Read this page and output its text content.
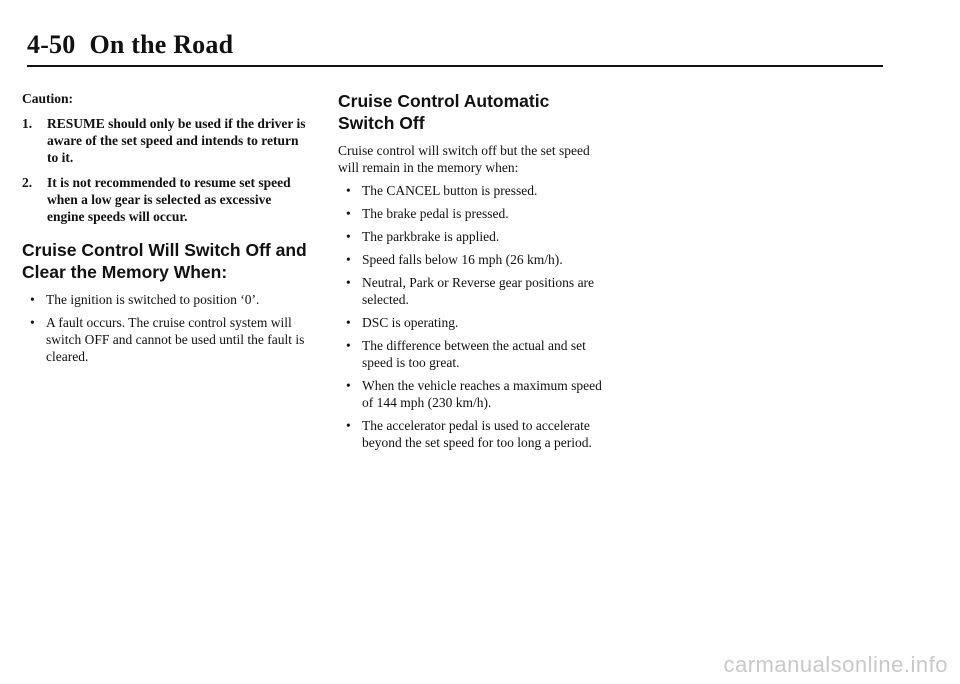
4-50 On the Road
Caution:
1. RESUME should only be used if the driver is aware of the set speed and intends to return to it.
2. It is not recommended to resume set speed when a low gear is selected as excessive engine speeds will occur.
Cruise Control Will Switch Off and Clear the Memory When:
• The ignition is switched to position ‘0’.
• A fault occurs. The cruise control system will switch OFF and cannot be used until the fault is cleared.
Cruise Control Automatic Switch Off
Cruise control will switch off but the set speed will remain in the memory when:
• The CANCEL button is pressed.
• The brake pedal is pressed.
• The parkbrake is applied.
• Speed falls below 16 mph (26 km/h).
• Neutral, Park or Reverse gear positions are selected.
• DSC is operating.
• The difference between the actual and set speed is too great.
• When the vehicle reaches a maximum speed of 144 mph (230 km/h).
• The accelerator pedal is used to accelerate beyond the set speed for too long a period.
carmanualsonline.info
